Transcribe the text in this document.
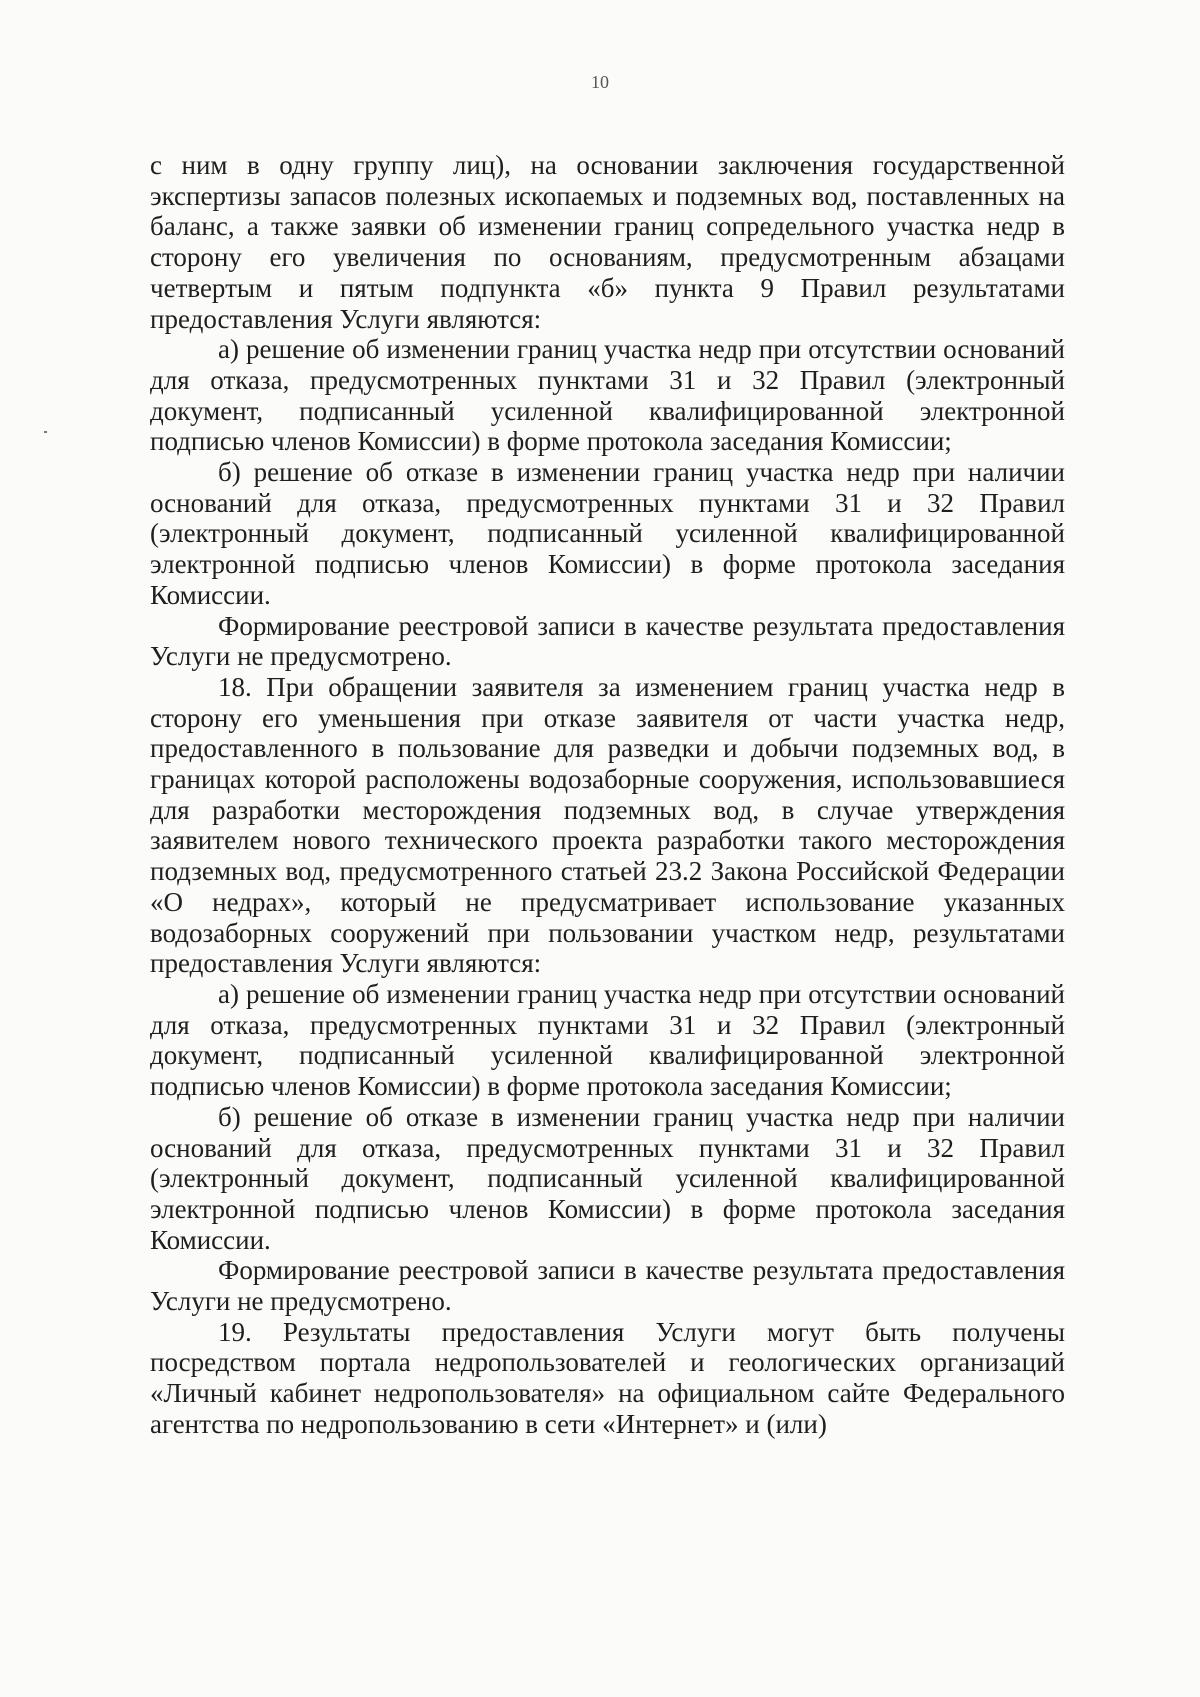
10

с ним в одну группу лиц), на основании заключения государственной экспертизы запасов полезных ископаемых и подземных вод, поставленных на баланс, а также заявки об изменении границ сопредельного участка недр в сторону его увеличения по основаниям, предусмотренным абзацами четвертым и пятым подпункта «б» пункта 9 Правил результатами предоставления Услуги являются:

а) решение об изменении границ участка недр при отсутствии оснований для отказа, предусмотренных пунктами 31 и 32 Правил (электронный документ, подписанный усиленной квалифицированной электронной подписью членов Комиссии) в форме протокола заседания Комиссии;

б) решение об отказе в изменении границ участка недр при наличии оснований для отказа, предусмотренных пунктами 31 и 32 Правил (электронный документ, подписанный усиленной квалифицированной электронной подписью членов Комиссии) в форме протокола заседания Комиссии.

Формирование реестровой записи в качестве результата предоставления Услуги не предусмотрено.

18. При обращении заявителя за изменением границ участка недр в сторону его уменьшения при отказе заявителя от части участка недр, предоставленного в пользование для разведки и добычи подземных вод, в границах которой расположены водозаборные сооружения, использовавшиеся для разработки месторождения подземных вод, в случае утверждения заявителем нового технического проекта разработки такого месторождения подземных вод, предусмотренного статьей 23.2 Закона Российской Федерации «О недрах», который не предусматривает использование указанных водозаборных сооружений при пользовании участком недр, результатами предоставления Услуги являются:

а) решение об изменении границ участка недр при отсутствии оснований для отказа, предусмотренных пунктами 31 и 32 Правил (электронный документ, подписанный усиленной квалифицированной электронной подписью членов Комиссии) в форме протокола заседания Комиссии;

б) решение об отказе в изменении границ участка недр при наличии оснований для отказа, предусмотренных пунктами 31 и 32 Правил (электронный документ, подписанный усиленной квалифицированной электронной подписью членов Комиссии) в форме протокола заседания Комиссии.

Формирование реестровой записи в качестве результата предоставления Услуги не предусмотрено.

19. Результаты предоставления Услуги могут быть получены посредством портала недропользователей и геологических организаций «Личный кабинет недропользователя» на официальном сайте Федерального агентства по недропользованию в сети «Интернет» и (или)
